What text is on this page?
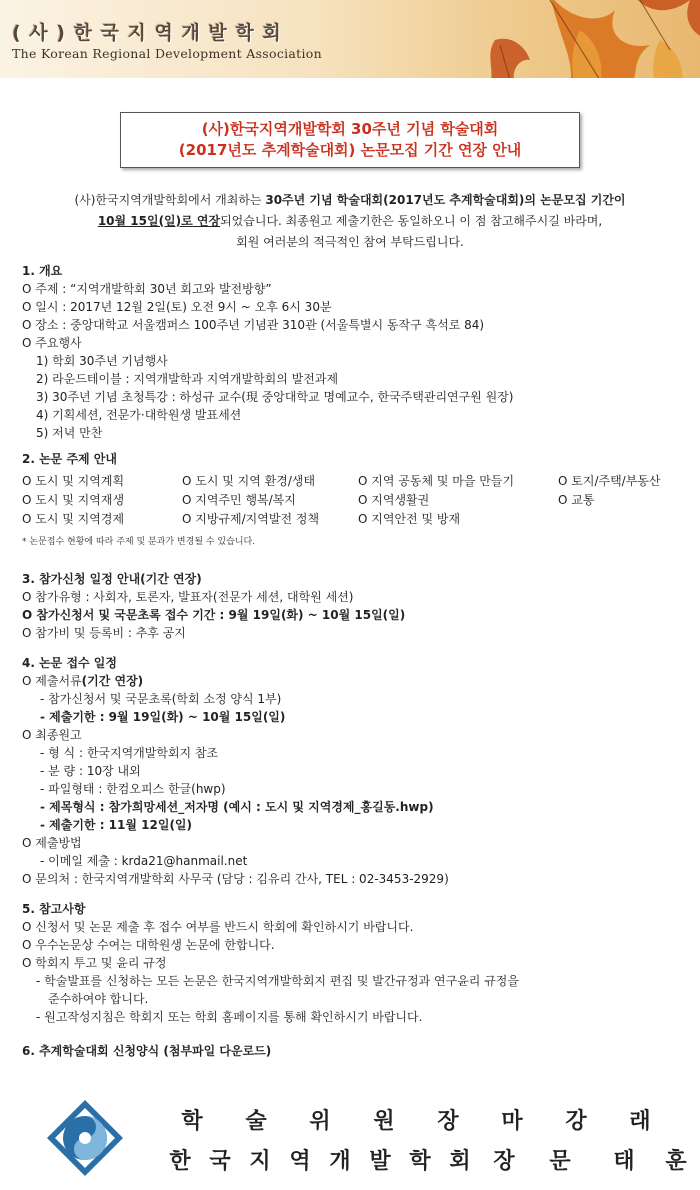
( 사 ) 한 국 지 역 개 발 학 회
The Korean Regional Development Association
(사)한국지역개발학회 30주년 기념 학술대회
(2017년도 추계학술대회) 논문모집 기간 연장 안내
(사)한국지역개발학회에서 개최하는 30주년 기념 학술대회(2017년도 추계학술대회)의 논문모집 기간이
10월 15일(일)로 연장되었습니다. 최종원고 제출기한은 동일하오니 이 점 참고해주시길 바라며,
회원 여러분의 적극적인 참여 부탁드립니다.
1. 개요
O 주제 : “지역개발학회 30년 회고와 발전방향”
O 일시 : 2017년 12월 2일(토) 오전 9시 ~ 오후 6시 30분
O 장소 : 중앙대학교 서울캠퍼스 100주년 기념관 310관 (서울특별시 동작구 흑석로 84)
O 주요행사
1) 학회 30주년 기념행사
2) 라운드테이블 : 지역개발학과 지역개발학회의 발전과제
3) 30주년 기념 초청특강 : 하성규 교수(現 중앙대학교 명예교수, 한국주택관리연구원 원장)
4) 기획세션, 전문가·대학원생 발표세션
5) 저녁 만찬
2. 논문 주제 안내
O 도시 및 지역계획	O 도시 및 지역 환경/생태	O 지역 공동체 및 마을 만들기	O 토지/주택/부동산
O 도시 및 지역재생	O 지역주민 행복/복지	O 지역생활권	O 교통
O 도시 및 지역경제	O 지방규제/지역발전 정책	O 지역안전 및 방재
* 논문접수 현황에 따라 주제 및 분과가 변경될 수 있습니다.
3. 참가신청 일정 안내(기간 연장)
O 참가유형 : 사회자, 토론자, 발표자(전문가 세션, 대학원 세션)
O 참가신청서 및 국문초록 접수 기간 : 9월 19일(화) ~ 10월 15일(일)
O 참가비 및 등록비 : 추후 공지
4. 논문 접수 일정
O 제출서류(기간 연장)
- 참가신청서 및 국문초록(학회 소정 양식 1부)
- 제출기한 : 9월 19일(화) ~ 10월 15일(일)
O 최종원고
- 형 식 : 한국지역개발학회지 참조
- 분 량 : 10장 내외
- 파일형태 : 한컴오피스 한글(hwp)
- 제목형식 : 참가희망세션_저자명 (예시 : 도시 및 지역경제_홍길동.hwp)
- 제출기한 : 11월 12일(일)
O 제출방법
- 이메일 제출 : krda21@hanmail.net
O 문의처 : 한국지역개발학회 사무국 (담당 : 김유리 간사, TEL : 02-3453-2929)
5. 참고사항
O 신청서 및 논문 제출 후 접수 여부를 반드시 학회에 확인하시기 바랍니다.
O 우수논문상 수여는 대학원생 논문에 한합니다.
O 학회지 투고 및 윤리 규정
- 학술발표를 신청하는 모든 논문은 한국지역개발학회지 편집 및 발간규정과 연구윤리 규정을
준수하여야 합니다.
- 원고작성지침은 학회지 또는 학회 홈페이지를 통해 확인하시기 바랍니다.
6. 추계학술대회 신청양식 (첨부파일 다운로드)
학 술 위 원 장 마 강 래
한 국 지 역 개 발 학 회 장 문 태 훈
